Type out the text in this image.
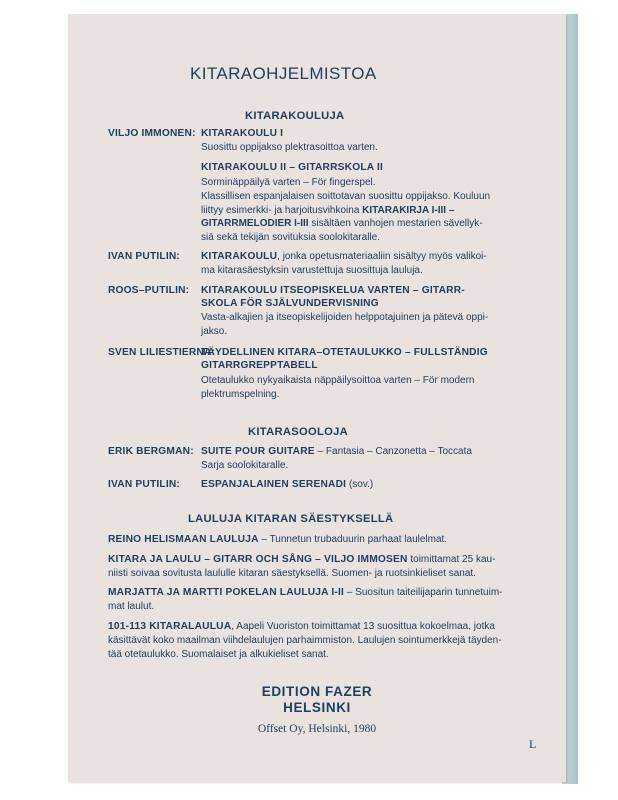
KITARAOHJELMISTOA
KITARAKOULUJA
VILJO IMMONEN: KITARAKOULU I
Suosittu oppijakso plektrasoittoa varten.
KITARAKOULU II – GITARRSKOLA II
Sorminäppäilyä varten – För fingerspel.
Klassillisen espanjalaisen soittotavan suosittu oppijakso. Kouluun
liittyy esimerkki- ja harjoitusvihkoina KITARAKIRJA I-III –
GITARRMELODIER I-III sisältäen vanhojen mestarien sävellyk-
siä sekä tekijän sovituksia soolokitaralle.
IVAN PUTILIN: KITARAKOULU, jonka opetusmateriaaliin sisältyy myös valikoi-
ma kitarasäestyksin varustettuja suosittuja lauluja.
ROOS–PUTILIN: KITARAKOULU ITSEOPISKELUA VARTEN – GITARR-
SKOLA FÖR SJÄLVUNDERVISNING
Vasta-alkajien ja itseopiskelijoiden helppotajuinen ja pätevä oppi-
jakso.
SVEN LILIESTIERNA:
TÄYDELLINEN KITARA–OTETAULUKKO – FULLSTÄNDIG
GITARRGREPPTABELL
Otetaulukko nykyaikaista näppäilysoittoa varten – För modern
plektrumspelning.
KITARASOOLOJA
ERIK BERGMAN: SUITE POUR GUITARE – Fantasia – Canzonetta – Toccata
Sarja soolokitaralle.
IVAN PUTILIN: ESPANJALAINEN SERENADI (sov.)
LAULUJA KITARAN SÄESTYKSELLÄ
REINO HELISMAAN LAULUJA – Tunnetun trubaduurin parhaat laulelmat.
KITARA JA LAULU – GITARR OCH SÅNG – VILJO IMMOSEN toimittamat 25 kau-
niisti soivaa sovitusta laululle kitaran säestyksellä. Suomen- ja ruotsinkieliset sanat.
MARJATTA JA MARTTI POKELAN LAULUJA I-II – Suositun taiteilijaparin tunnetuim-
mat laulut.
101-113 KITARALAULUA, Aapeli Vuoriston toimittamat 13 suosittua kokoelmaa, jotka
käsittävät koko maailman viihdelaulujen parhaimmiston. Laulujen sointumerkkejä täyden-
tää otetaulukko. Suomalaiset ja alkukieliset sanat.
EDITION FAZER
HELSINKI
Offset Oy, Helsinki, 1980
L
